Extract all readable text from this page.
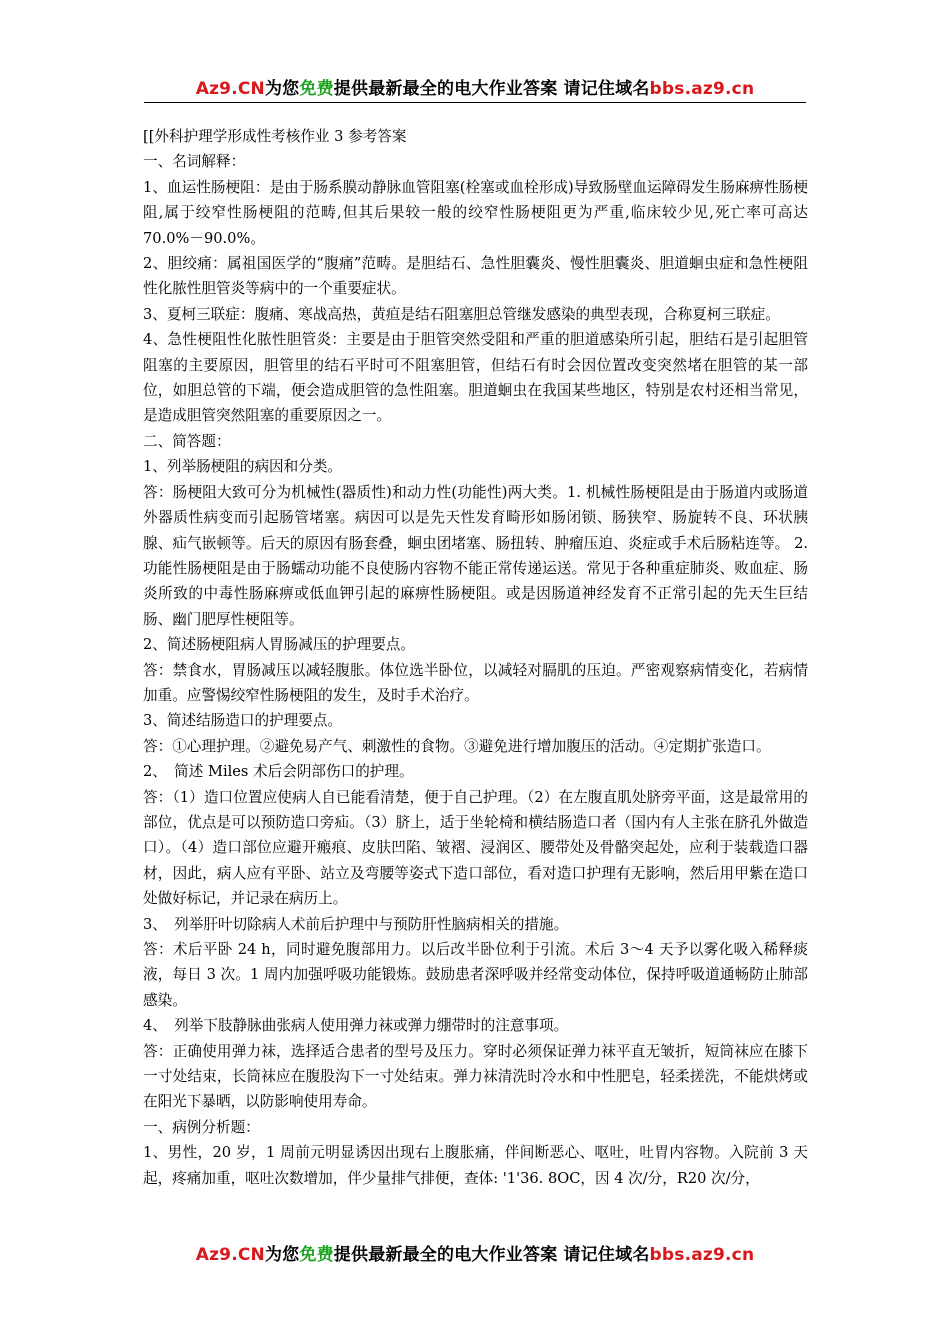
Az9.CN为您免费提供最新最全的电大作业答案 请记住域名bbs.az9.cn

[[外科护理学形成性考核作业 3 参考答案

一、名词解释：

1、血运性肠梗阻：是由于肠系膜动静脉血管阻塞(栓塞或血栓形成)导致肠壁血运障碍发生肠麻痹性肠梗阻,属于绞窄性肠梗阻的范畴,但其后果较一般的绞窄性肠梗阻更为严重,临床较少见,死亡率可高达 70.0%－90.0%。

2、胆绞痛：属祖国医学的“腹痛”范畴。是胆结石、急性胆囊炎、慢性胆囊炎、胆道蛔虫症和急性梗阻性化脓性胆管炎等病中的一个重要症状。

3、夏柯三联症：腹痛、寒战高热，黄疸是结石阻塞胆总管继发感染的典型表现，合称夏柯三联症。

4、急性梗阻性化脓性胆管炎：主要是由于胆管突然受阻和严重的胆道感染所引起，胆结石是引起胆管阻塞的主要原因，胆管里的结石平时可不阻塞胆管，但结石有时会因位置改变突然堵在胆管的某一部位，如胆总管的下端，便会造成胆管的急性阻塞。胆道蛔虫在我国某些地区，特别是农村还相当常见，是造成胆管突然阻塞的重要原因之一。

二、简答题：

1、列举肠梗阻的病因和分类。

答：肠梗阻大致可分为机械性(器质性)和动力性(功能性)两大类。1. 机械性肠梗阻是由于肠道内或肠道外器质性病变而引起肠管堵塞。病因可以是先天性发育畸形如肠闭锁、肠狭窄、肠旋转不良、环状胰腺、疝气嵌顿等。后天的原因有肠套叠，蛔虫团堵塞、肠扭转、肿瘤压迫、炎症或手术后肠粘连等。 2.功能性肠梗阻是由于肠蠕动功能不良使肠内容物不能正常传递运送。常见于各种重症肺炎、败血症、肠炎所致的中毒性肠麻痹或低血钾引起的麻痹性肠梗阻。或是因肠道神经发育不正常引起的先天生巨结肠、幽门肥厚性梗阻等。

2、简述肠梗阻病人胃肠减压的护理要点。

答：禁食水，胃肠减压以减轻腹胀。体位选半卧位，以减轻对膈肌的压迫。严密观察病情变化，若病情加重。应警惕绞窄性肠梗阻的发生，及时手术治疗。

3、简述结肠造口的护理要点。

答：①心理护理。②避免易产气、刺激性的食物。③避免进行增加腹压的活动。④定期扩张造口。

2、　简述 Miles 术后会阴部伤口的护理。

答：（1）造口位置应使病人自已能看清楚，便于自己护理。（2）在左腹直肌处脐旁平面，这是最常用的部位，优点是可以预防造口旁疝。（3）脐上，适于坐轮椅和横结肠造口者（国内有人主张在脐孔外做造口）。（4）造口部位应避开瘢痕、皮肤凹陷、皱褶、浸润区、腰带处及骨骼突起处，应利于装载造口器材，因此，病人应有平卧、站立及弯腰等姿式下造口部位，看对造口护理有无影响，然后用甲紫在造口处做好标记，并记录在病历上。

3、　列举肝叶切除病人术前后护理中与预防肝性脑病相关的措施。

答：术后平卧 24 h，同时避免腹部用力。以后改半卧位利于引流。术后 3～4 天予以雾化吸入稀释痰液，每日 3 次。1 周内加强呼吸功能锻炼。鼓励患者深呼吸并经常变动体位，保持呼吸道通畅防止肺部感染。

4、　列举下肢静脉曲张病人使用弹力袜或弹力绷带时的注意事项。

答：正确使用弹力袜，选择适合患者的型号及压力。穿时必须保证弹力袜平直无皱折，短筒袜应在膝下一寸处结束，长筒袜应在腹股沟下一寸处结束。弹力袜清洗时冷水和中性肥皂，轻柔搓洗，不能烘烤或在阳光下暴晒，以防影响使用寿命。

一、病例分析题：

1、男性，20 岁，1 周前元明显诱因出现右上腹胀痛，伴间断恶心、呕吐，吐胃内容物。入院前 3 天起，疼痛加重，呕吐次数增加，伴少量排气排便，查体: '1'36. 8OC，因 4 次/分，R20 次/分，

Az9.CN为您免费提供最新最全的电大作业答案 请记住域名bbs.az9.cn
